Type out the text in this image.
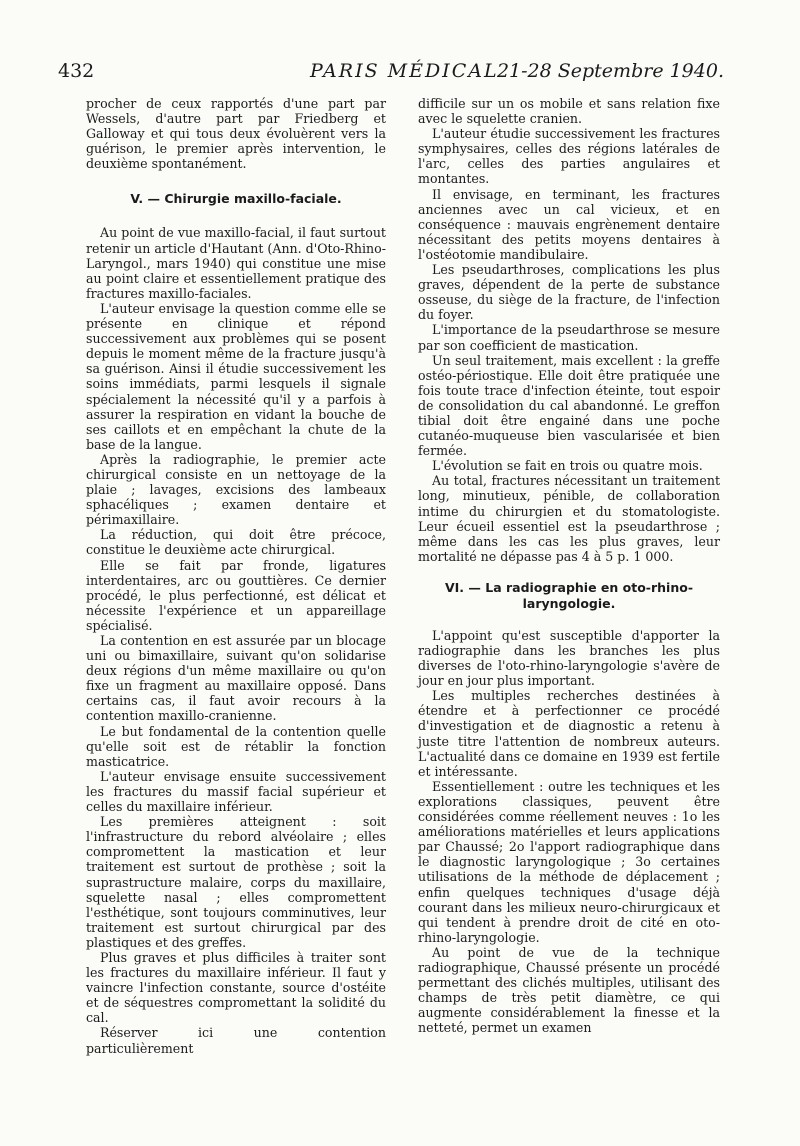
432	PARIS MÉDICAL
21-28 Septembre 1940.

procher de ceux rapportés d'une part par Wessels, d'autre part par Friedberg et Galloway et qui tous deux évoluèrent vers la guérison, le premier après intervention, le deuxième spontanément.

V. — Chirurgie maxillo-faciale.

Au point de vue maxillo-facial, il faut surtout retenir un article d'Hautant (Ann. d'Oto-Rhino-Laryngol., mars 1940) qui constitue une mise au point claire et essentiellement pratique des fractures maxillo-faciales.

L'auteur envisage la question comme elle se présente en clinique et répond successivement aux problèmes qui se posent depuis le moment même de la fracture jusqu'à sa guérison. Ainsi il étudie successivement les soins immédiats, parmi lesquels il signale spécialement la nécessité qu'il y a parfois à assurer la respiration en vidant la bouche de ses caillots et en empêchant la chute de la base de la langue.

Après la radiographie, le premier acte chirurgical consiste en un nettoyage de la plaie ; lavages, excisions des lambeaux sphacéliques ; examen dentaire et périmaxillaire.

La réduction, qui doit être précoce, constitue le deuxième acte chirurgical.

Elle se fait par fronde, ligatures interdentaires, arc ou gouttières. Ce dernier procédé, le plus perfectionné, est délicat et nécessite l'expérience et un appareillage spécialisé.

La contention en est assurée par un blocage uni ou bimaxillaire, suivant qu'on solidarise deux régions d'un même maxillaire ou qu'on fixe un fragment au maxillaire opposé. Dans certains cas, il faut avoir recours à la contention maxillo-cranienne.

Le but fondamental de la contention quelle qu'elle soit est de rétablir la fonction masticatrice.

L'auteur envisage ensuite successivement les fractures du massif facial supérieur et celles du maxillaire inférieur.

Les premières atteignent : soit l'infrastructure du rebord alvéolaire ; elles compromettent la mastication et leur traitement est surtout de prothèse ; soit la suprastructure malaire, corps du maxillaire, squelette nasal ; elles compromettent l'esthétique, sont toujours comminutives, leur traitement est surtout chirurgical par des plastiques et des greffes.

Plus graves et plus difficiles à traiter sont les fractures du maxillaire inférieur. Il faut y vaincre l'infection constante, source d'ostéite et de séquestres compromettant la solidité du cal.

Réserver ici une contention particulièrement

difficile sur un os mobile et sans relation fixe avec le squelette cranien.

L'auteur étudie successivement les fractures symphysaires, celles des régions latérales de l'arc, celles des parties angulaires et montantes.

Il envisage, en terminant, les fractures anciennes avec un cal vicieux, et en conséquence : mauvais engrènement dentaire nécessitant des petits moyens dentaires à l'ostéotomie mandibulaire.

Les pseudarthroses, complications les plus graves, dépendent de la perte de substance osseuse, du siège de la fracture, de l'infection du foyer.

L'importance de la pseudarthrose se mesure par son coefficient de mastication.

Un seul traitement, mais excellent : la greffe ostéo-périostique. Elle doit être pratiquée une fois toute trace d'infection éteinte, tout espoir de consolidation du cal abandonné. Le greffon tibial doit être engainé dans une poche cutanéo-muqueuse bien vascularisée et bien fermée.

L'évolution se fait en trois ou quatre mois.

Au total, fractures nécessitant un traitement long, minutieux, pénible, de collaboration intime du chirurgien et du stomatologiste. Leur écueil essentiel est la pseudarthrose ; même dans les cas les plus graves, leur mortalité ne dépasse pas 4 à 5 p. 1 000.

VI. — La radiographie en oto-rhino-
laryngologie.

L'appoint qu'est susceptible d'apporter la radiographie dans les branches les plus diverses de l'oto-rhino-laryngologie s'avère de jour en jour plus important.

Les multiples recherches destinées à étendre et à perfectionner ce procédé d'investigation et de diagnostic a retenu à juste titre l'attention de nombreux auteurs. L'actualité dans ce domaine en 1939 est fertile et intéressante.

Essentiellement : outre les techniques et les explorations classiques, peuvent être considérées comme réellement neuves : 1o les améliorations matérielles et leurs applications par Chaussé; 2o l'apport radiographique dans le diagnostic laryngologique ; 3o certaines utilisations de la méthode de déplacement ; enfin quelques techniques d'usage déjà courant dans les milieux neuro-chirurgicaux et qui tendent à prendre droit de cité en oto-rhino-laryngologie.

Au point de vue de la technique radiographique, Chaussé présente un procédé permettant des clichés multiples, utilisant des champs de très petit diamètre, ce qui augmente considérablement la finesse et la netteté, permet un examen
